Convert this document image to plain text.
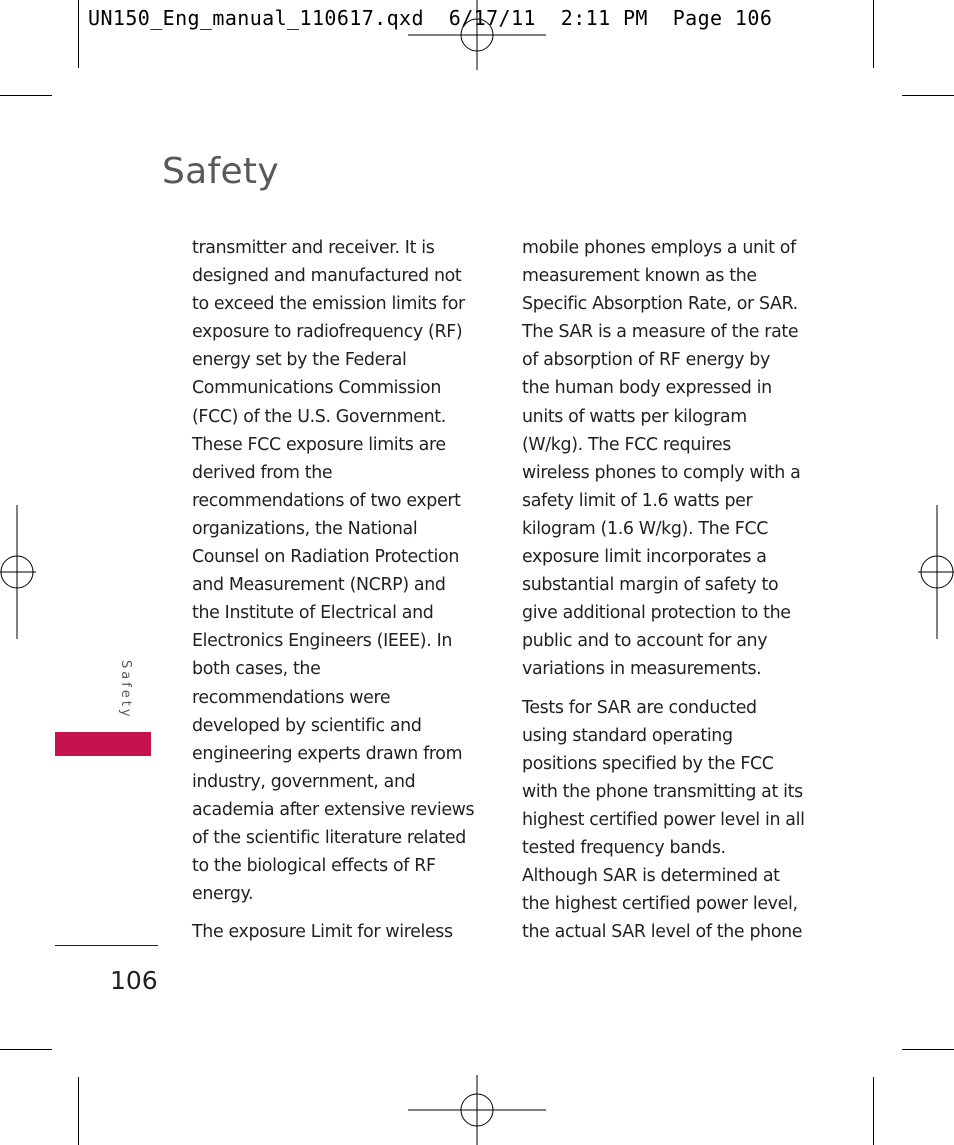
UN150_Eng_manual_110617.qxd  6/17/11  2:11 PM  Page 106
Safety
Safety
transmitter and receiver. It is
designed and manufactured not
to exceed the emission limits for
exposure to radiofrequency (RF)
energy set by the Federal
Communications Commission
(FCC) of the U.S. Government.
These FCC exposure limits are
derived from the
recommendations of two expert
organizations, the National
Counsel on Radiation Protection
and Measurement (NCRP) and
the Institute of Electrical and
Electronics Engineers (IEEE). In
both cases, the
recommendations were
developed by scientific and
engineering experts drawn from
industry, government, and
academia after extensive reviews
of the scientific literature related
to the biological effects of RF
energy.
The exposure Limit for wireless
mobile phones employs a unit of
measurement known as the
Specific Absorption Rate, or SAR.
The SAR is a measure of the rate
of absorption of RF energy by
the human body expressed in
units of watts per kilogram
(W/kg). The FCC requires
wireless phones to comply with a
safety limit of 1.6 watts per
kilogram (1.6 W/kg). The FCC
exposure limit incorporates a
substantial margin of safety to
give additional protection to the
public and to account for any
variations in measurements.
Tests for SAR are conducted
using standard operating
positions specified by the FCC
with the phone transmitting at its
highest certified power level in all
tested frequency bands.
Although SAR is determined at
the highest certified power level,
the actual SAR level of the phone
106
